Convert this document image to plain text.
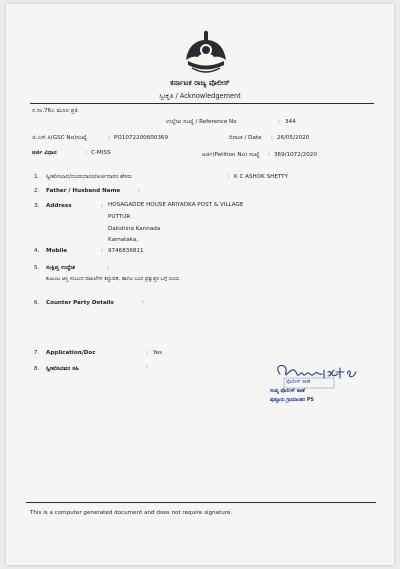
ಕರ್ನಾಟಕ ರಾಜ್ಯ ಪೊಲೀಸ್
ಸ್ವೀಕೃತಿ / Acknowledgement
ನ.ಸಂ.76ಎ ಮೂಲ ಪ್ರತಿ
ಉಲ್ಲೇಖ ಸಂಖ್ಯೆ / Reference No	: 344
ಜಿ.ಎಸ್.ಸಿ(GSC No)ಸಂಖ್ಯೆ	: PO1072200600369	ದಿನಾಂಕ / Date : 26/05/2020
ಅರ್ಜಿ ವಿಧಾನ	: C-MISS	ಅರ್ಜಿ(Petition No) ಸಂಖ್ಯೆ : 369/1072/2020
1. ಸ್ವೀಕರಿಸಲಾದ/ದೂರುದಾರರ/ಅರ್ಜಿದಾರರ ಹೆಸರು	: K C ASHOK SHETTY
2. Father / Husband Name	:
3. Address	: HOSAGADDE HOUSE ARIYADKA POST & VILLAGE
PUTTUR
Dakshina Kannada
Karnataka,
4. Mobile	: 9746836811
5. ಸಂಕ್ಷಿಪ್ತ ಉದ್ದೇಶ	:
ಕುಟುಂಬ ಆಸ್ತಿ ಸಂಬಂಧ ದಾಖಲೆಗಳ ತಿದ್ದುಪಡಿ, ಹಾಗೂ ಬಂದ ಪ್ರತ್ಯುತ್ತರ ಬಗ್ಗೆ ದೂರು
6. Counter Party Details	:
7. Application/Doc	: Yes
8. ಸ್ವೀಕರಿಸಿದವರ ಸಹಿ	:
ಪೊಲೀಸ್ ಠಾಣೆ
ಸಂಪ್ಯ ಪೊಲೀಸ್ ಠಾಣೆ
ಪುತ್ತೂರು ಗ್ರಾಮಾಂತರ PS
This is a computer generated document and does not require signature.
